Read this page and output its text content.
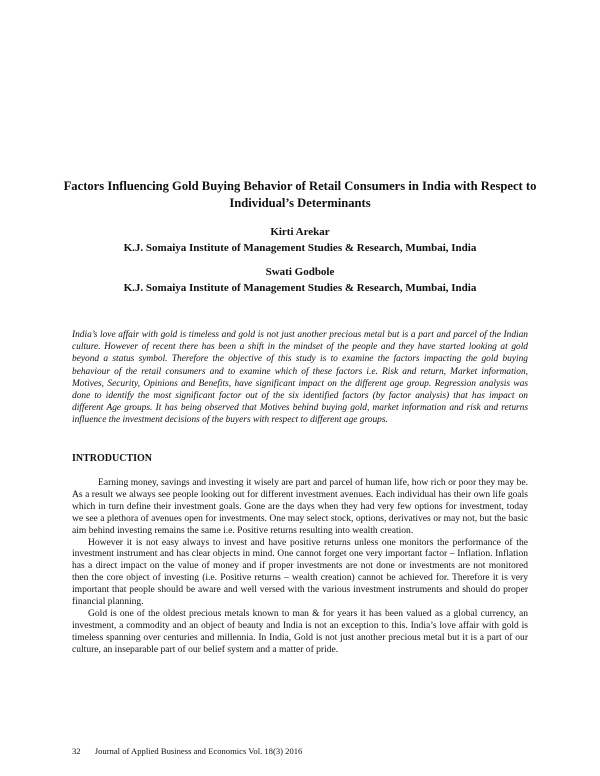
Factors Influencing Gold Buying Behavior of Retail Consumers in India with Respect to Individual’s Determinants
Kirti Arekar
K.J. Somaiya Institute of Management Studies & Research, Mumbai, India
Swati Godbole
K.J. Somaiya Institute of Management Studies & Research, Mumbai, India

India’s love affair with gold is timeless and gold is not just another precious metal but is a part and parcel of the Indian culture. However of recent there has been a shift in the mindset of the people and they have started looking at gold beyond a status symbol. Therefore the objective of this study is to examine the factors impacting the gold buying behaviour of the retail consumers and to examine which of these factors i.e. Risk and return, Market information, Motives, Security, Opinions and Benefits, have significant impact on the different age group. Regression analysis was done to identify the most significant factor out of the six identified factors (by factor analysis) that has impact on different Age groups. It has being observed that Motives behind buying gold, market information and risk and returns influence the investment decisions of the buyers with respect to different age groups.

INTRODUCTION

Earning money, savings and investing it wisely are part and parcel of human life, how rich or poor they may be. As a result we always see people looking out for different investment avenues. Each individual has their own life goals which in turn define their investment goals. Gone are the days when they had very few options for investment, today we see a plethora of avenues open for investments. One may select stock, options, derivatives or may not, but the basic aim behind investing remains the same i.e. Positive returns resulting into wealth creation.

However it is not easy always to invest and have positive returns unless one monitors the performance of the investment instrument and has clear objects in mind. One cannot forget one very important factor – Inflation. Inflation has a direct impact on the value of money and if proper investments are not done or investments are not monitored then the core object of investing (i.e. Positive returns – wealth creation) cannot be achieved for. Therefore it is very important that people should be aware and well versed with the various investment instruments and should do proper financial planning.

Gold is one of the oldest precious metals known to man & for years it has been valued as a global currency, an investment, a commodity and an object of beauty and India is not an exception to this. India’s love affair with gold is timeless spanning over centuries and millennia. In India, Gold is not just another precious metal but it is a part of our culture, an inseparable part of our belief system and a matter of pride.

32 Journal of Applied Business and Economics Vol. 18(3) 2016
